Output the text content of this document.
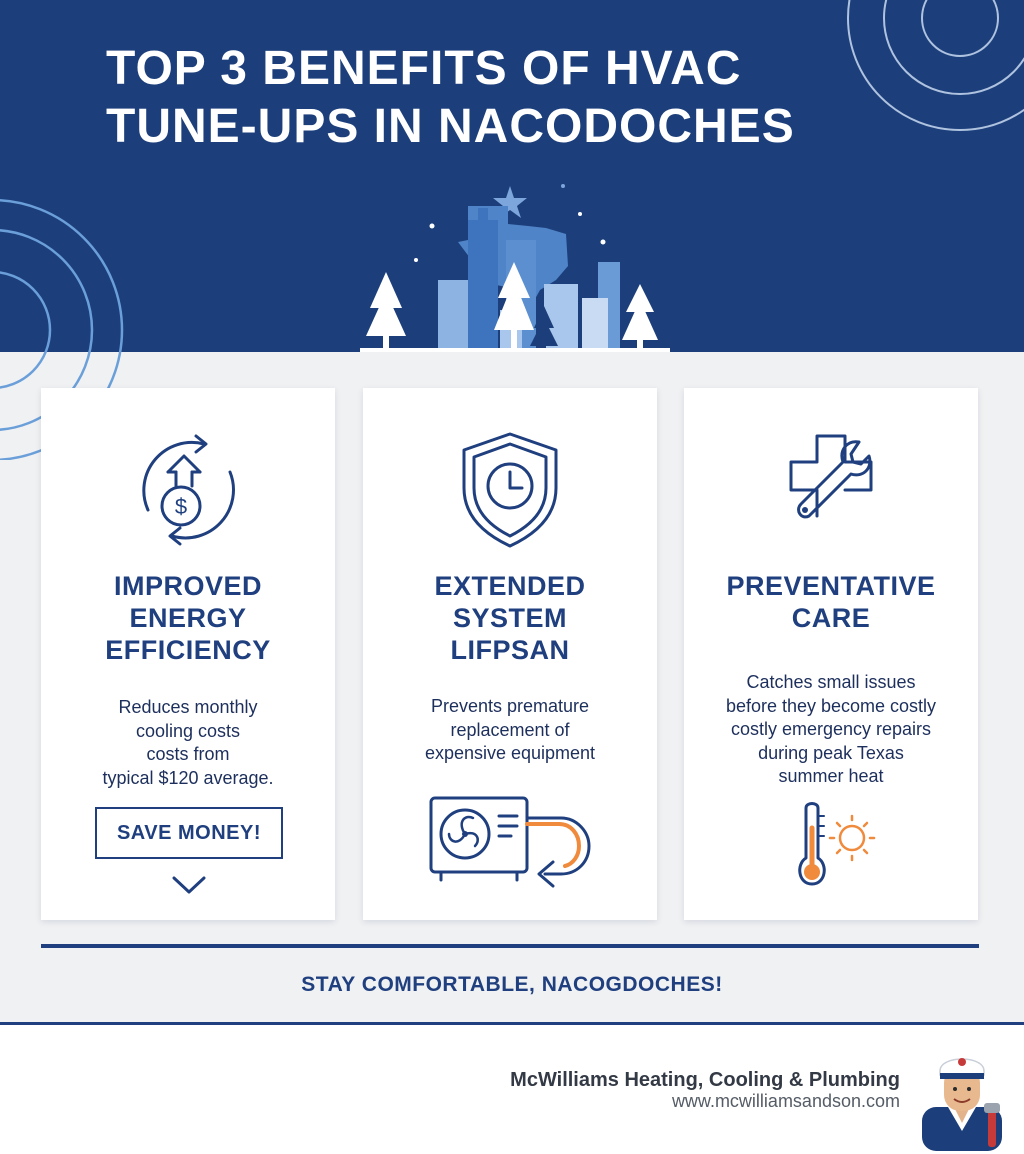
TOP 3 BENEFITS OF HVAC
TUNE-UPS IN NACODOCHES
$
IMPROVED
ENERGY
EFFICIENCY
Reduces monthly
cooling costs
costs from
typical $120 average.
SAVE MONEY!
EXTENDED
SYSTEM
LIFPSAN
Prevents premature
replacement of
expensive equipment
PREVENTATIVE
CARE
Catches small issues
before they become costly
costly emergency repairs
during peak Texas
summer heat
STAY COMFORTABLE, NACOGDOCHES!
McWilliams Heating, Cooling & Plumbing
www.mcwilliamsandson.com
